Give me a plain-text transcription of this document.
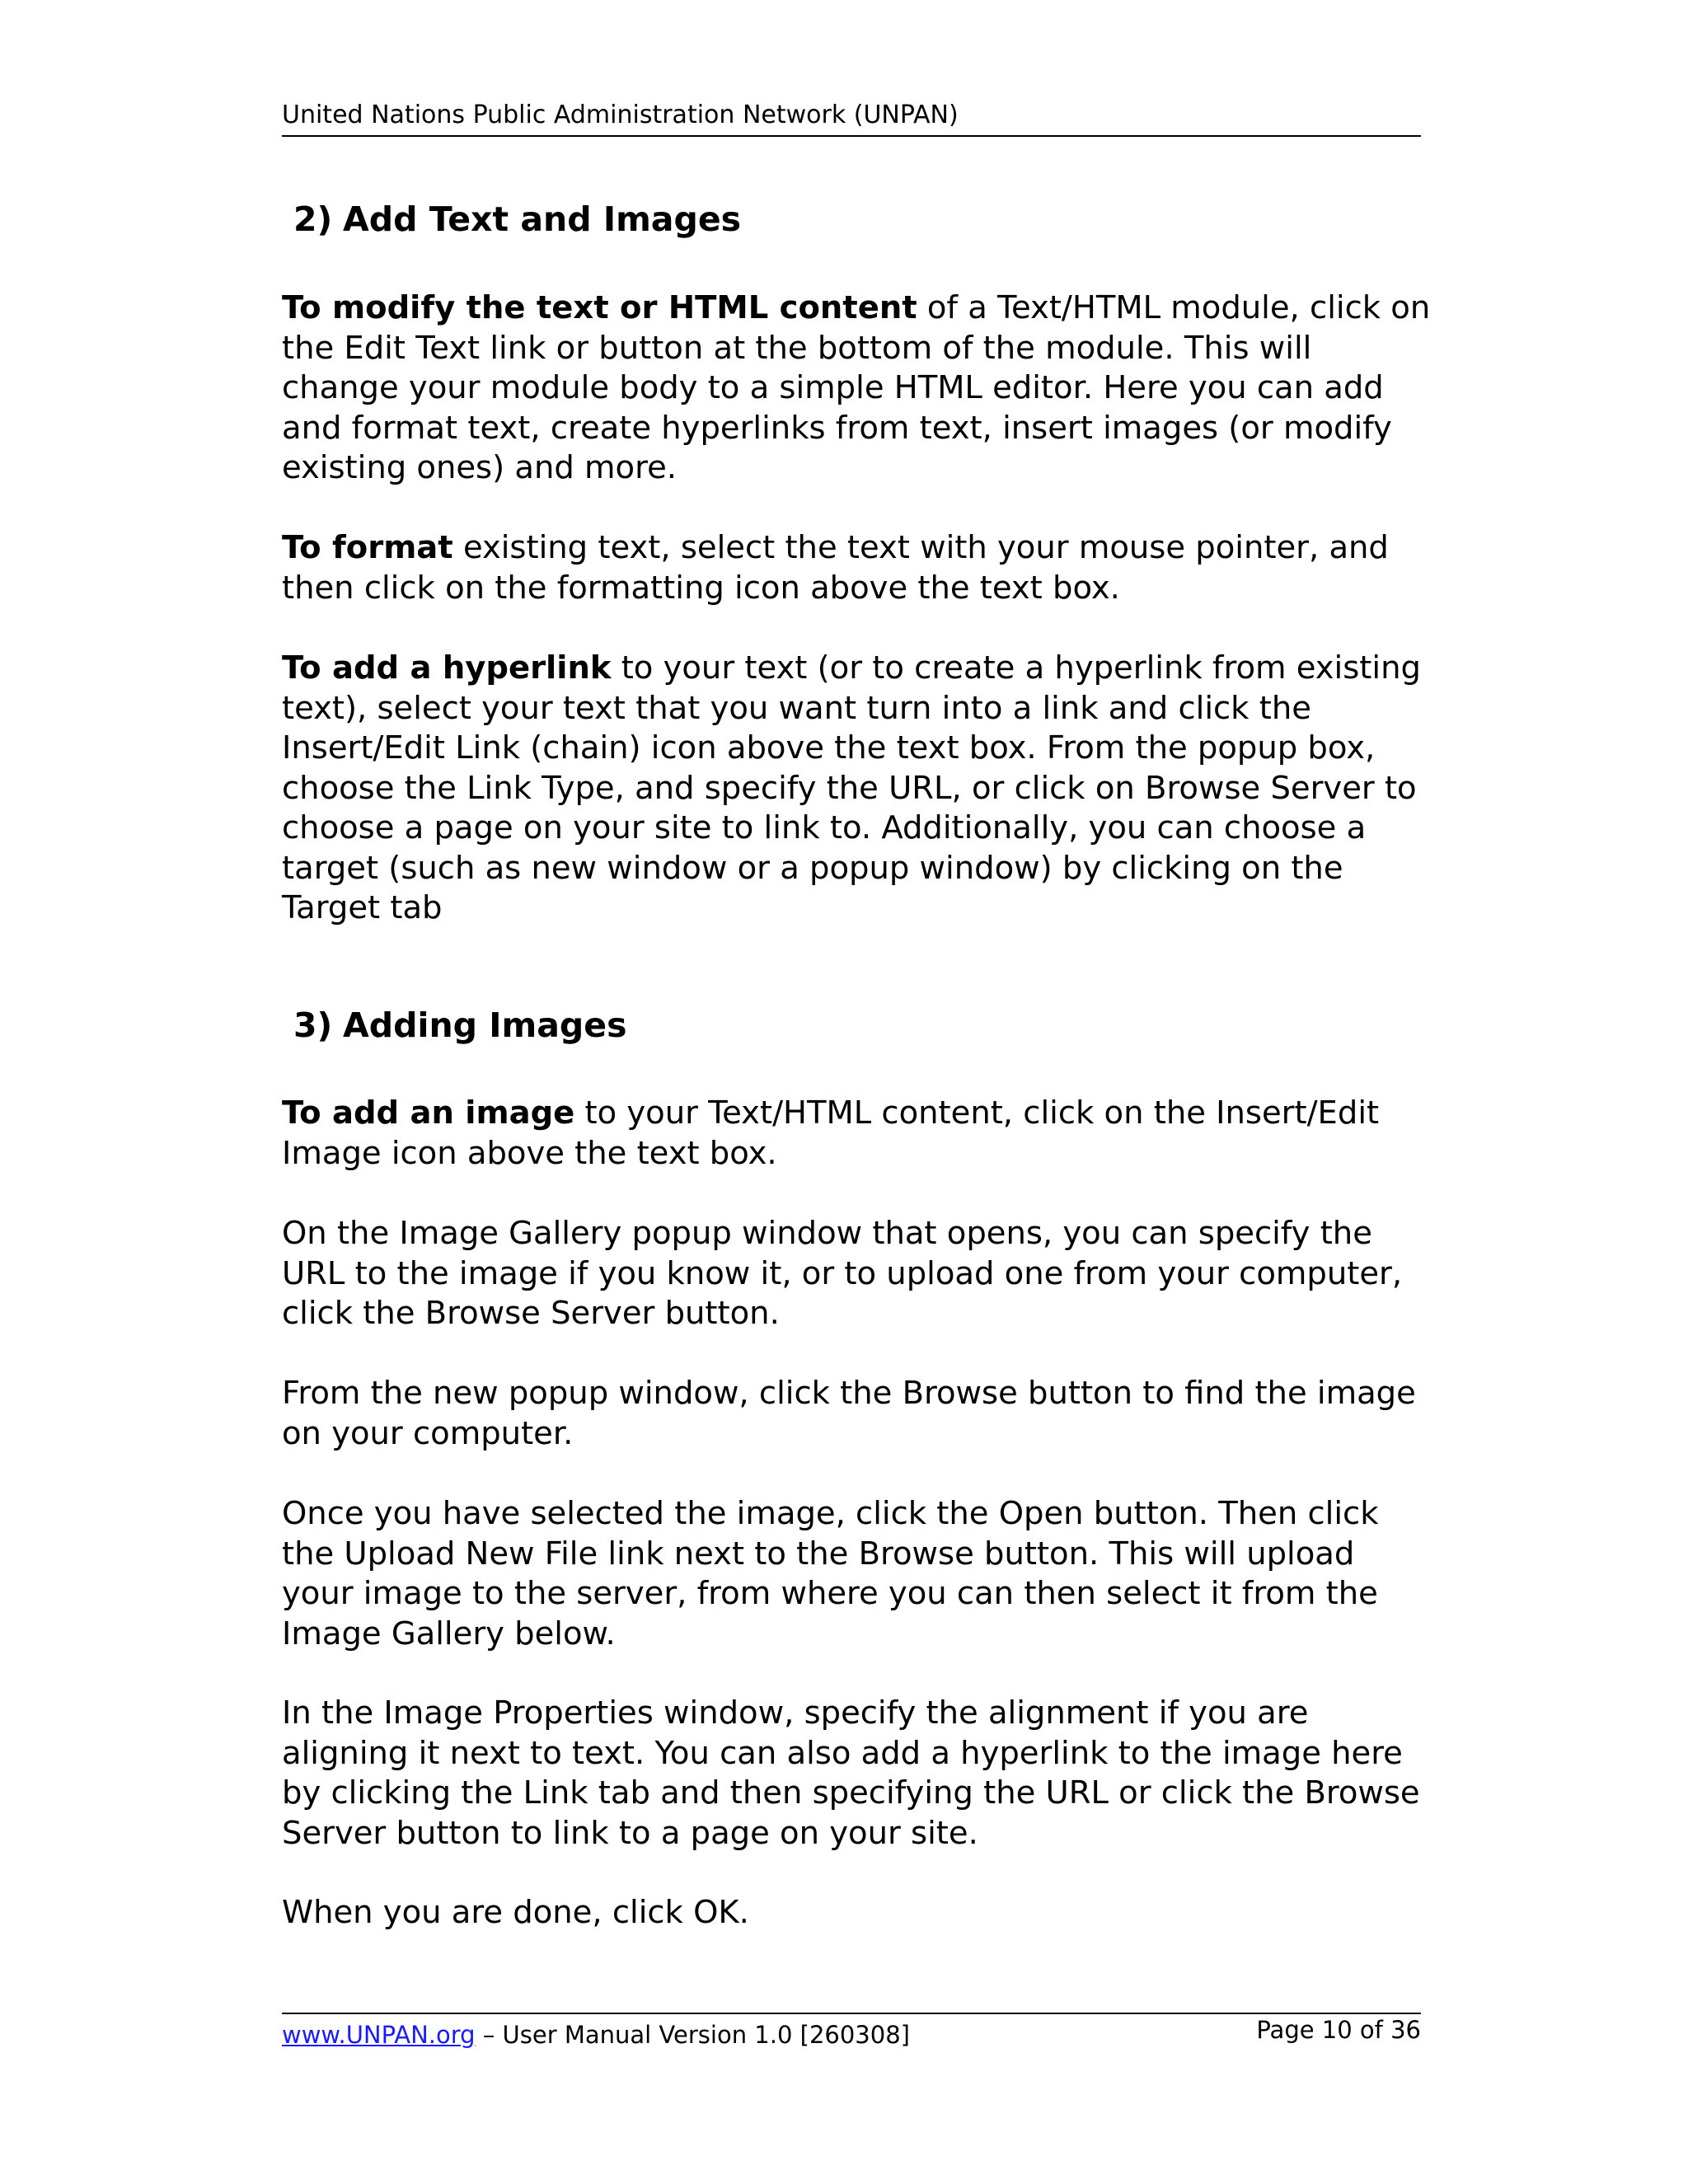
United Nations Public Administration Network (UNPAN)
2) Add Text and Images

To modify the text or HTML content of a Text/HTML module, click on the Edit Text link or button at the bottom of the module. This will change your module body to a simple HTML editor. Here you can add and format text, create hyperlinks from text, insert images (or modify existing ones) and more.

To format existing text, select the text with your mouse pointer, and then click on the formatting icon above the text box.

To add a hyperlink to your text (or to create a hyperlink from existing text), select your text that you want turn into a link and click the Insert/Edit Link (chain) icon above the text box. From the popup box, choose the Link Type, and specify the URL, or click on Browse Server to choose a page on your site to link to. Additionally, you can choose a target (such as new window or a popup window) by clicking on the Target tab

3) Adding Images

To add an image to your Text/HTML content, click on the Insert/Edit Image icon above the text box.

On the Image Gallery popup window that opens, you can specify the URL to the image if you know it, or to upload one from your computer, click the Browse Server button.

From the new popup window, click the Browse button to find the image on your computer.

Once you have selected the image, click the Open button. Then click the Upload New File link next to the Browse button. This will upload your image to the server, from where you can then select it from the Image Gallery below.

In the Image Properties window, specify the alignment if you are aligning it next to text. You can also add a hyperlink to the image here by clicking the Link tab and then specifying the URL or click the Browse Server button to link to a page on your site.

When you are done, click OK.

www.UNPAN.org – User Manual Version 1.0 [260308]	Page 10 of 36
